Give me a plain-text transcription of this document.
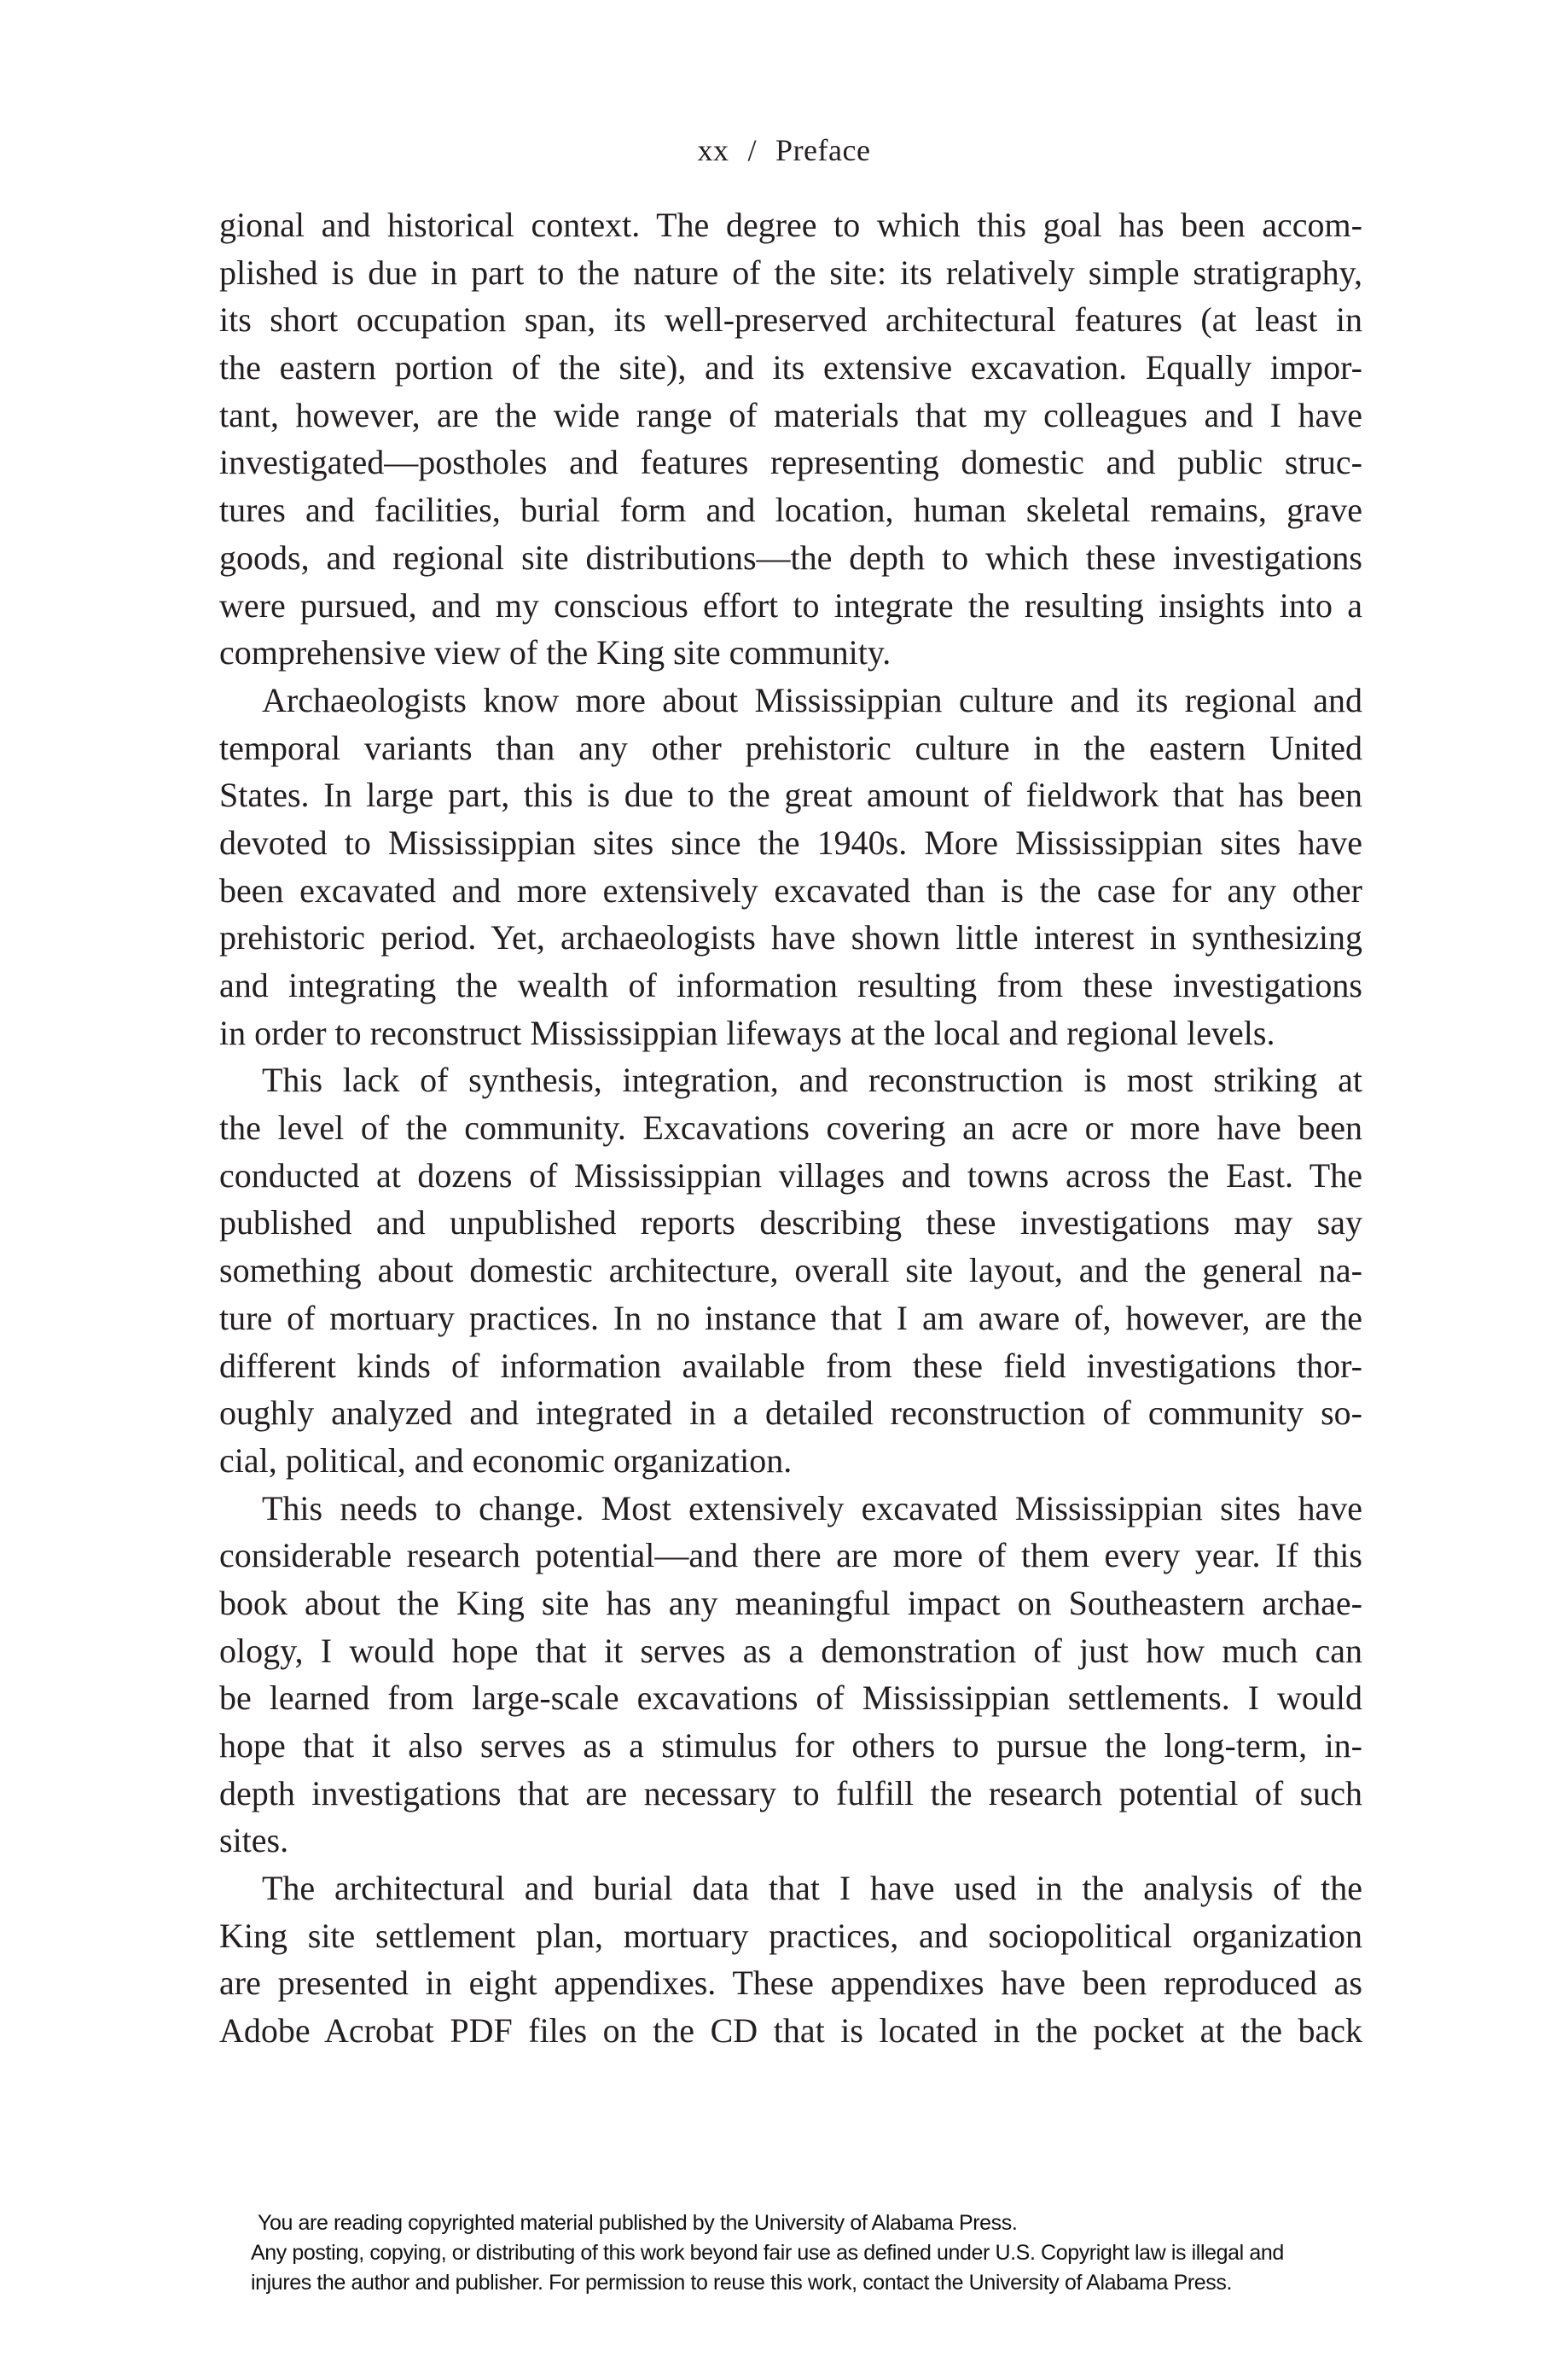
xx / Preface
gional and historical context. The degree to which this goal has been accom-
plished is due in part to the nature of the site: its relatively simple stratigraphy,
its short occupation span, its well-preserved architectural features (at least in
the eastern portion of the site), and its extensive excavation. Equally impor-
tant, however, are the wide range of materials that my colleagues and I have
investigated—postholes and features representing domestic and public struc-
tures and facilities, burial form and location, human skeletal remains, grave
goods, and regional site distributions—the depth to which these investigations
were pursued, and my conscious effort to integrate the resulting insights into a
comprehensive view of the King site community.
Archaeologists know more about Mississippian culture and its regional and
temporal variants than any other prehistoric culture in the eastern United
States. In large part, this is due to the great amount of fieldwork that has been
devoted to Mississippian sites since the 1940s. More Mississippian sites have
been excavated and more extensively excavated than is the case for any other
prehistoric period. Yet, archaeologists have shown little interest in synthesizing
and integrating the wealth of information resulting from these investigations
in order to reconstruct Mississippian lifeways at the local and regional levels.
This lack of synthesis, integration, and reconstruction is most striking at
the level of the community. Excavations covering an acre or more have been
conducted at dozens of Mississippian villages and towns across the East. The
published and unpublished reports describing these investigations may say
something about domestic architecture, overall site layout, and the general na-
ture of mortuary practices. In no instance that I am aware of, however, are the
different kinds of information available from these field investigations thor-
oughly analyzed and integrated in a detailed reconstruction of community so-
cial, political, and economic organization.
This needs to change. Most extensively excavated Mississippian sites have
considerable research potential—and there are more of them every year. If this
book about the King site has any meaningful impact on Southeastern archae-
ology, I would hope that it serves as a demonstration of just how much can
be learned from large-scale excavations of Mississippian settlements. I would
hope that it also serves as a stimulus for others to pursue the long-term, in-
depth investigations that are necessary to fulfill the research potential of such
sites.
The architectural and burial data that I have used in the analysis of the
King site settlement plan, mortuary practices, and sociopolitical organization
are presented in eight appendixes. These appendixes have been reproduced as
Adobe Acrobat PDF files on the CD that is located in the pocket at the back
You are reading copyrighted material published by the University of Alabama Press.
Any posting, copying, or distributing of this work beyond fair use as defined under U.S. Copyright law is illegal and
injures the author and publisher. For permission to reuse this work, contact the University of Alabama Press.
